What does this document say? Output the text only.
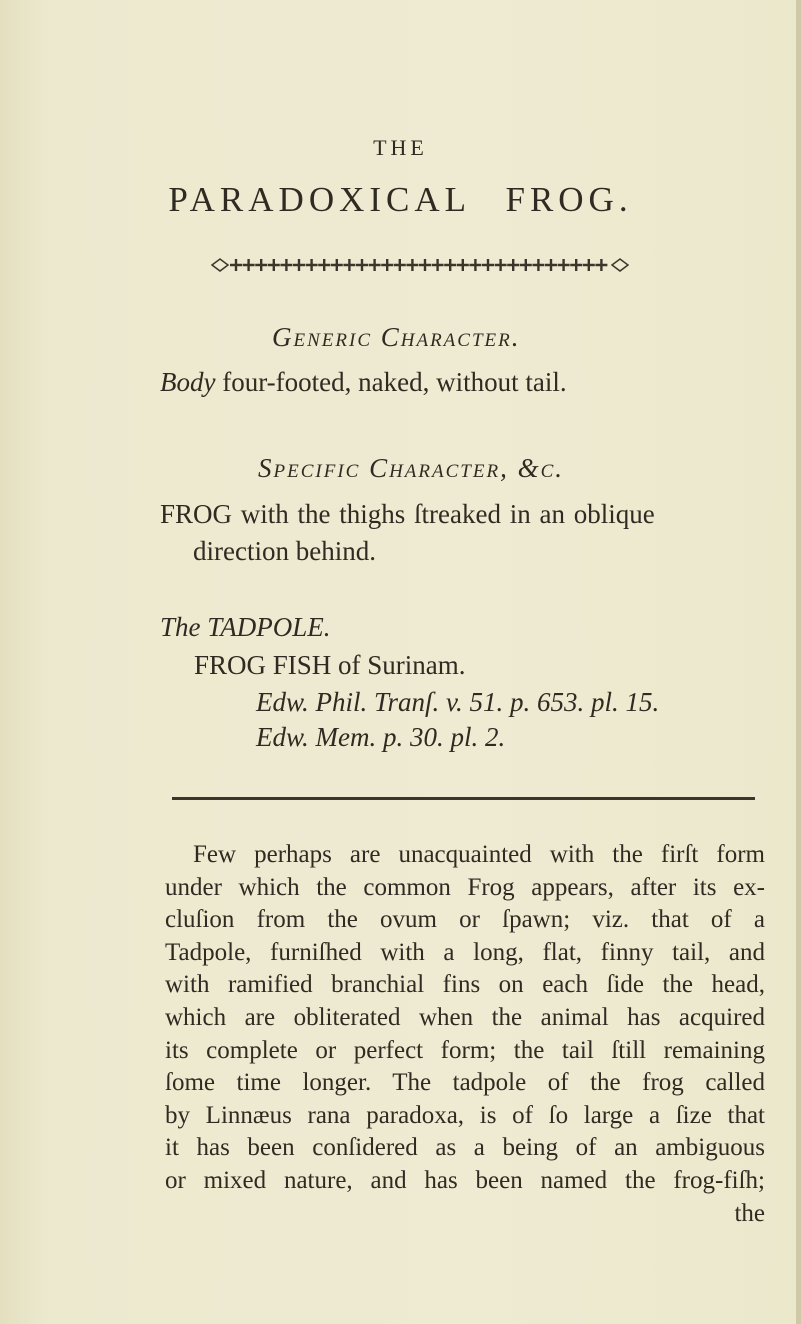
THE
PARADOXICAL FROG.
Generic Character.
Body four-footed, naked, without tail.
Specific Character, &c.
FROG with the thighs ſtreaked in an oblique
direction behind.
The TADPOLE.
FROG FISH of Surinam.
Edw. Phil. Tranſ. v. 51. p. 653. pl. 15.
Edw. Mem. p. 30. pl. 2.
Few perhaps are unacquainted with the firſt form
under which the common Frog appears, after its ex-
cluſion from the ovum or ſpawn; viz. that of a
Tadpole, furniſhed with a long, flat, finny tail, and
with ramified branchial fins on each ſide the head,
which are obliterated when the animal has acquired
its complete or perfect form; the tail ſtill remaining
ſome time longer. The tadpole of the frog called
by Linnæus rana paradoxa, is of ſo large a ſize that
it has been conſidered as a being of an ambiguous
or mixed nature, and has been named the frog-fiſh;
the
